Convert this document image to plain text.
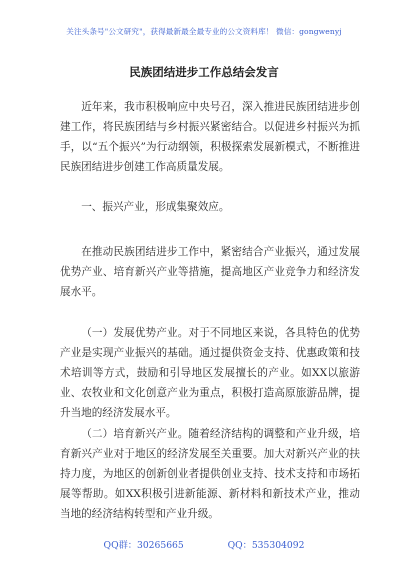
关注头条号"公文研究"，获得最新最全最专业的公文资料库！ 微信：gongwenyj
民族团结进步工作总结会发言

近年来，我市积极响应中央号召，深入推进民族团结进步创建工作，将民族团结与乡村振兴紧密结合。以促进乡村振兴为抓手，以“五个振兴”为行动纲领，积极探索发展新模式，不断推进民族团结进步创建工作高质量发展。

一、振兴产业，形成集聚效应。

在推动民族团结进步工作中，紧密结合产业振兴，通过发展优势产业、培育新兴产业等措施，提高地区产业竞争力和经济发展水平。

（一）发展优势产业。对于不同地区来说，各具特色的优势产业是实现产业振兴的基础。通过提供资金支持、优惠政策和技术培训等方式，鼓励和引导地区发展擅长的产业。如XX以旅游业、农牧业和文化创意产业为重点，积极打造高原旅游品牌，提升当地的经济发展水平。

（二）培育新兴产业。随着经济结构的调整和产业升级，培育新兴产业对于地区的经济发展至关重要。加大对新兴产业的扶持力度，为地区的创新创业者提供创业支持、技术支持和市场拓展等帮助。如XX积极引进新能源、新材料和新技术产业，推动当地的经济结构转型和产业升级。

QQ群：30265665	QQ：535304092
